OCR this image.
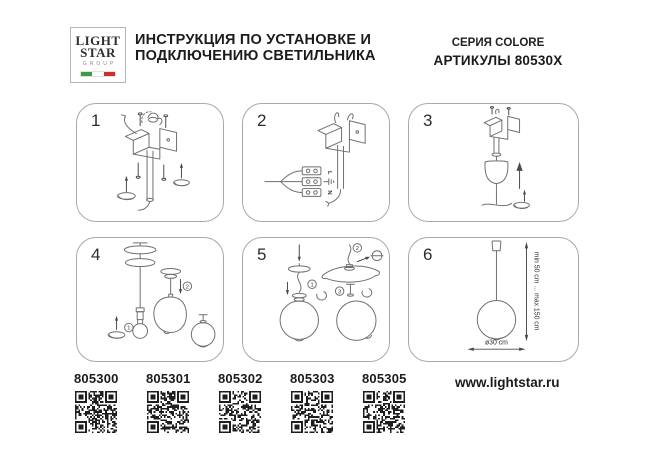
LIGHT
STAR
GROUP
ИНСТРУКЦИЯ ПО УСТАНОВКЕ И
ПОДКЛЮЧЕНИЮ СВЕТИЛЬНИКА
СЕРИЯ COLORE
АРТИКУЛЫ 80530X
1	2
L
N
3
4
1
2
5
1
2
3
6	min 50 cm ... max 150 cm
ø30 cm
805300 805301 805302 805303 805305	www.lightstar.ru
